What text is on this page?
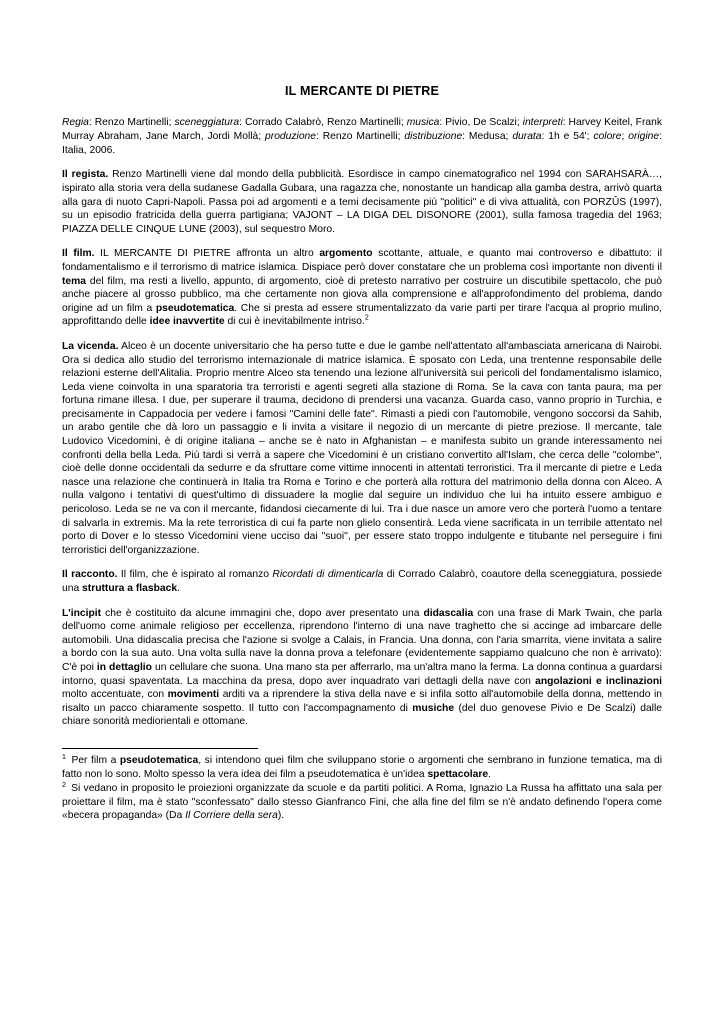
IL MERCANTE DI PIETRE

Regia: Renzo Martinelli; sceneggiatura: Corrado Calabrò, Renzo Martinelli; musica: Pivio, De Scalzi; interpreti: Harvey Keitel, Frank Murray Abraham, Jane March, Jordi Mollà; produzione: Renzo Martinelli; distribuzione: Medusa; durata: 1h e 54'; colore; origine: Italia, 2006.

Il regista. Renzo Martinelli viene dal mondo della pubblicità. Esordisce in campo cinematografico nel 1994 con SARAHSARÀ…, ispirato alla storia vera della sudanese Gadalla Gubara, una ragazza che, nonostante un handicap alla gamba destra, arrivò quarta alla gara di nuoto Capri-Napoli. Passa poi ad argomenti e a temi decisamente più "politici" e di viva attualità, con PORZÛS (1997), su un episodio fratricida della guerra partigiana; VAJONT – LA DIGA DEL DISONORE (2001), sulla famosa tragedia del 1963; PIAZZA DELLE CINQUE LUNE (2003), sul sequestro Moro.

Il film. IL MERCANTE DI PIETRE affronta un altro argomento scottante, attuale, e quanto mai controverso e dibattuto: il fondamentalismo e il terrorismo di matrice islamica. Dispiace però dover constatare che un problema così importante non diventi il tema del film, ma resti a livello, appunto, di argomento, cioè di pretesto narrativo per costruire un discutibile spettacolo, che può anche piacere al grosso pubblico, ma che certamente non giova alla comprensione e all'approfondimento del problema, dando origine ad un film a pseudotematica. Che si presta ad essere strumentalizzato da varie parti per tirare l'acqua al proprio mulino, approfittando delle idee inavvertite di cui è inevitabilmente intriso.$^2$

La vicenda. Alceo è un docente universitario che ha perso tutte e due le gambe nell'attentato all'ambasciata americana di Nairobi. Ora si dedica allo studio del terrorismo internazionale di matrice islamica. È sposato con Leda, una trentenne responsabile delle relazioni esterne dell'Alitalia. Proprio mentre Alceo sta tenendo una lezione all'università sui pericoli del fondamentalismo islamico, Leda viene coinvolta in una sparatoria tra terroristi e agenti segreti alla stazione di Roma. Se la cava con tanta paura, ma per fortuna rimane illesa. I due, per superare il trauma, decidono di prendersi una vacanza. Guarda caso, vanno proprio in Turchia, e precisamente in Cappadocia per vedere i famosi "Camini delle fate". Rimasti a piedi con l'automobile, vengono soccorsi da Sahib, un arabo gentile che dà loro un passaggio e li invita a visitare il negozio di un mercante di pietre preziose. Il mercante, tale Ludovico Vicedomini, è di origine italiana – anche se è nato in Afghanistan – e manifesta subito un grande interessamento nei confronti della bella Leda. Più tardi si verrà a sapere che Vicedomini è un cristiano convertito all'Islam, che cerca delle "colombe", cioè delle donne occidentali da sedurre e da sfruttare come vittime innocenti in attentati terroristici. Tra il mercante di pietre e Leda nasce una relazione che continuerà in Italia tra Roma e Torino e che porterà alla rottura del matrimonio della donna con Alceo. A nulla valgono i tentativi di quest'ultimo di dissuadere la moglie dal seguire un individuo che lui ha intuito essere ambiguo e pericoloso. Leda se ne va con il mercante, fidandosi ciecamente di lui. Tra i due nasce un amore vero che porterà l'uomo a tentare di salvarla in extremis. Ma la rete terroristica di cui fa parte non glielo consentirà. Leda viene sacrificata in un terribile attentato nel porto di Dover e lo stesso Vicedomini viene ucciso dai "suoi", per essere stato troppo indulgente e titubante nel perseguire i fini terroristici dell'organizzazione.

Il racconto. Il film, che è ispirato al romanzo Ricordati di dimenticarla di Corrado Calabrò, coautore della sceneggiatura, possiede una struttura a flasback.

L'incipit che è costituito da alcune immagini che, dopo aver presentato una didascalia con una frase di Mark Twain, che parla dell'uomo come animale religioso per eccellenza, riprendono l'interno di una nave traghetto che si accinge ad imbarcare delle automobili. Una didascalia precisa che l'azione si svolge a Calais, in Francia. Una donna, con l'aria smarrita, viene invitata a salire a bordo con la sua auto. Una volta sulla nave la donna prova a telefonare (evidentemente sappiamo qualcuno che non è arrivato): C'è poi in dettaglio un cellulare che suona. Una mano sta per afferrarlo, ma un'altra mano la ferma. La donna continua a guardarsi intorno, quasi spaventata. La macchina da presa, dopo aver inquadrato vari dettagli della nave con angolazioni e inclinazioni molto accentuate, con movimenti arditi va a riprendere la stiva della nave e si infila sotto all'automobile della donna, mettendo in risalto un pacco chiaramente sospetto. Il tutto con l'accompagnamento di musiche (del duo genovese Pivio e De Scalzi) dalle chiare sonorità mediorientali e ottomane.

$^1$ Per film a pseudotematica, si intendono quei film che sviluppano storie o argomenti che sembrano in funzione tematica, ma di fatto non lo sono. Molto spesso la vera idea dei film a pseudotematica è un'idea spettacolare.

$^2$ Si vedano in proposito le proiezioni organizzate da scuole e da partiti politici. A Roma, Ignazio La Russa ha affittato una sala per proiettare il film, ma è stato "sconfessato" dallo stesso Gianfranco Fini, che alla fine del film se n'è andato definendo l'opera come «becera propaganda» (Da Il Corriere della sera).
